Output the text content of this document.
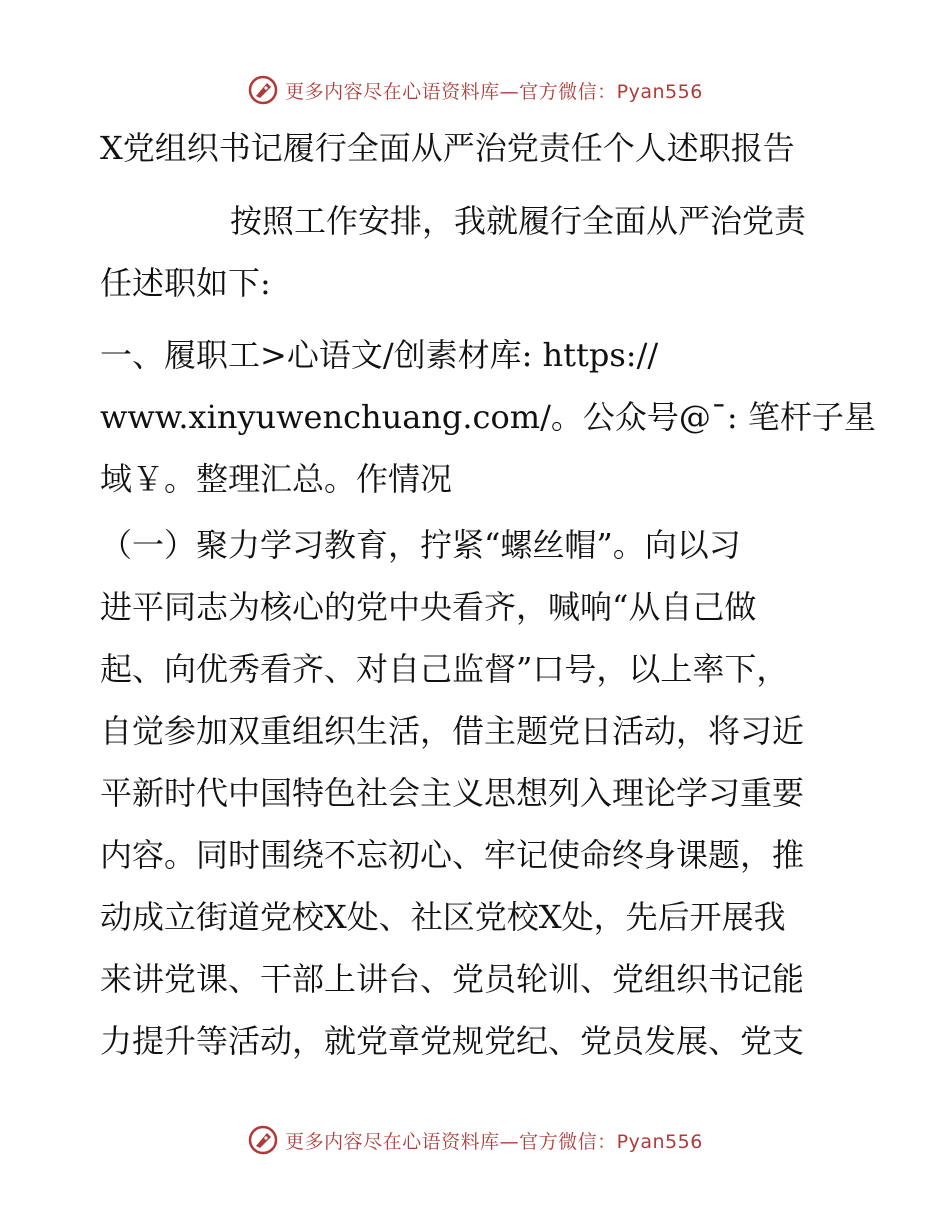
更多内容尽在心语资料库—官方微信：Pyan556
X党组织书记履行全面从严治党责任个人述职报告

按照工作安排，我就履行全面从严治党责
任述职如下:

一、履职工>心语文/创素材库: https://
www.xinyuwenchuang.com/。公众号@¯: 笔杆子星
域￥。整理汇总。作情况

（一）聚力学习教育，拧紧“螺丝帽”。向以习
进平同志为核心的党中央看齐，喊响“从自己做
起、向优秀看齐、对自己监督”口号，以上率下，
自觉参加双重组织生活，借主题党日活动，将习近
平新时代中国特色社会主义思想列入理论学习重要
内容。同时围绕不忘初心、牢记使命终身课题，推
动成立街道党校X处、社区党校X处，先后开展我
来讲党课、干部上讲台、党员轮训、党组织书记能
力提升等活动，就党章党规党纪、党员发展、党支

更多内容尽在心语资料库—官方微信：Pyan556
